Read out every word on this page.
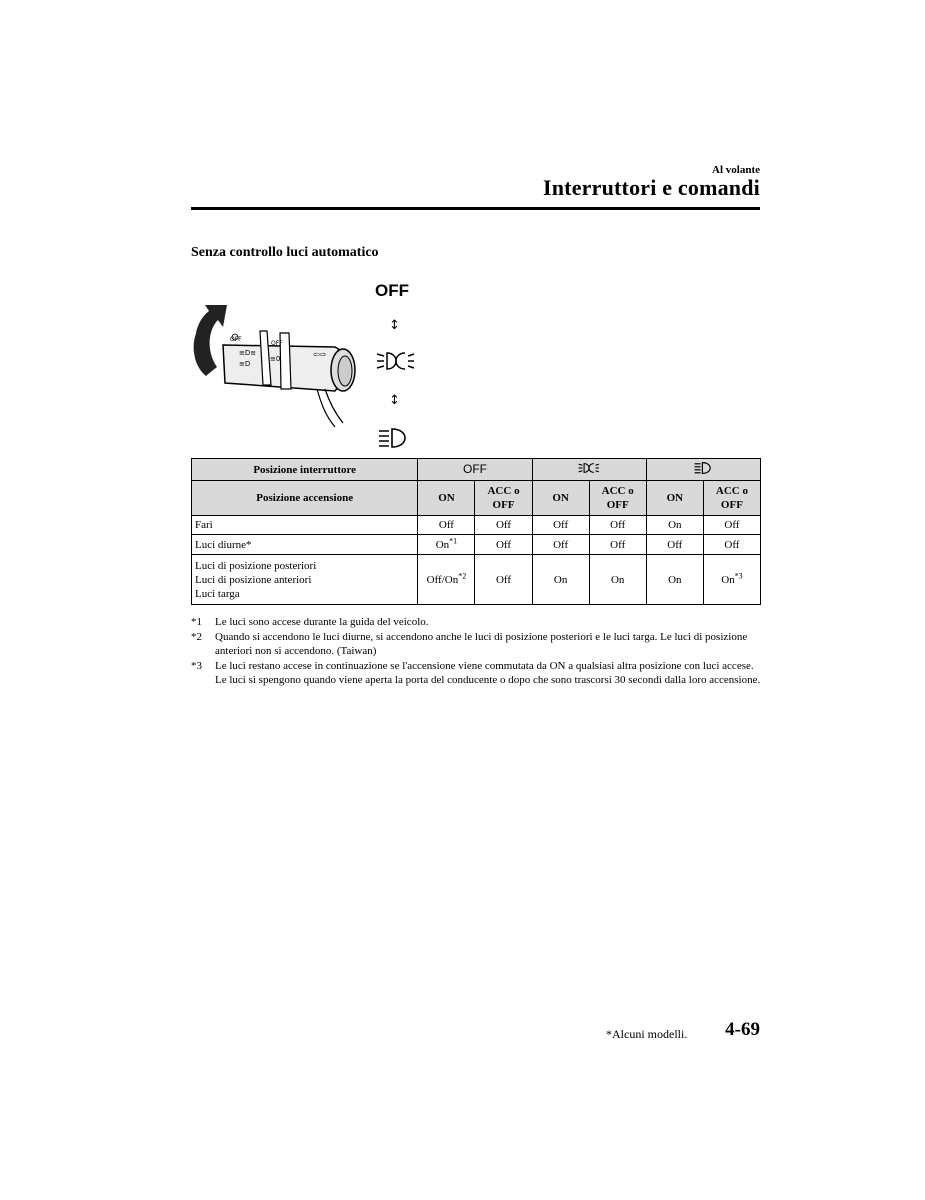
Al volante
Interruttori e comandi
Senza controllo luci automatico
OFF
OFF
≡D≡
≡D
≡0	⇦⇨
OFF
↕
↕
Posizione interruttore	OFF		
Posizione accensione	ON	ACC o OFF	ON	ACC o OFF	ON	ACC o OFF
Fari	Off	Off	Off	Off	On	Off
Luci diurne*	On$^{*1}$	Off	Off	Off	Off	Off

Luci di posizione posteriori
Luci di posizione anteriori
Luci targa	Off/On$^{*2}$	Off	On	On	On	On$^{*3}$
*1	Le luci sono accese durante la guida del veicolo.
*2	Quando si accendono le luci diurne, si accendono anche le luci di posizione posteriori e le luci targa. Le luci di posizione anteriori non si accendono. (Taiwan)
*3	Le luci restano accese in continuazione se l'accensione viene commutata da ON a qualsiasi altra posizione con luci accese. Le luci si spengono quando viene aperta la porta del conducente o dopo che sono trascorsi 30 secondi dalla loro accensione.
*Alcuni modelli. 4-69
